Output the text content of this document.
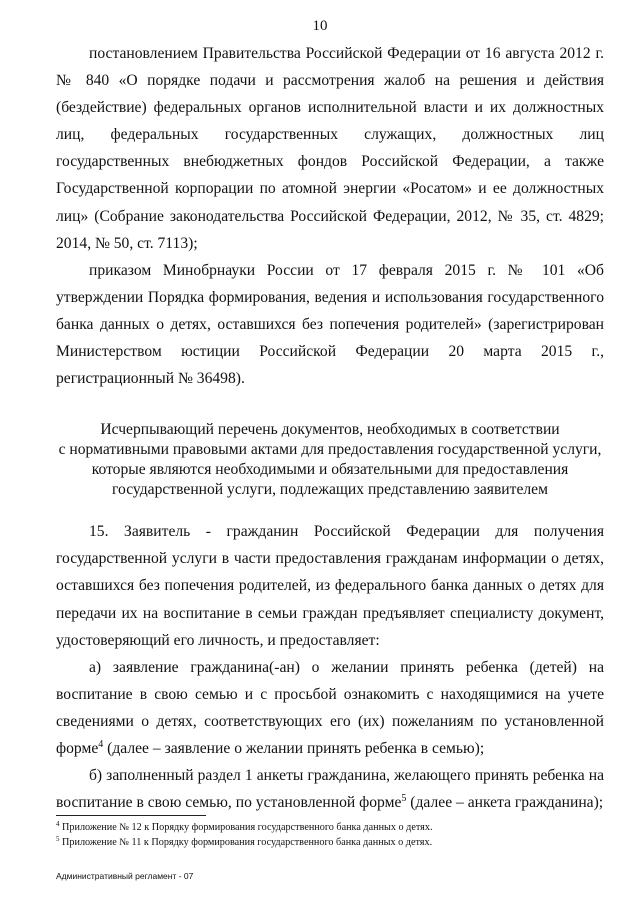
10

постановлением Правительства Российской Федерации от 16 августа 2012 г. № 840 «О порядке подачи и рассмотрения жалоб на решения и действия (бездействие) федеральных органов исполнительной власти и их должностных лиц, федеральных государственных служащих, должностных лиц государственных внебюджетных фондов Российской Федерации, а также Государственной корпорации по атомной энергии «Росатом» и ее должностных лиц» (Собрание законодательства Российской Федерации, 2012, № 35, ст. 4829; 2014, № 50, ст. 7113);

приказом Минобрнауки России от 17 февраля 2015 г. № 101 «Об утверждении Порядка формирования, ведения и использования государственного банка данных о детях, оставшихся без попечения родителей» (зарегистрирован Министерством юстиции Российской Федерации 20 марта 2015 г., регистрационный № 36498).

Исчерпывающий перечень документов, необходимых в соответствии
с нормативными правовыми актами для предоставления государственной услуги,
которые являются необходимыми и обязательными для предоставления
государственной услуги, подлежащих представлению заявителем

15. Заявитель - гражданин Российской Федерации для получения государственной услуги в части предоставления гражданам информации о детях, оставшихся без попечения родителей, из федерального банка данных о детях для передачи их на воспитание в семьи граждан предъявляет специалисту документ, удостоверяющий его личность, и предоставляет:

а) заявление гражданина(-ан) о желании принять ребенка (детей) на воспитание в свою семью и с просьбой ознакомить с находящимися на учете сведениями о детях, соответствующих его (их) пожеланиям по установленной форме$^4$ (далее – заявление о желании принять ребенка в семью);

б) заполненный раздел 1 анкеты гражданина, желающего принять ребенка на воспитание в свою семью, по установленной форме$^5$ (далее – анкета гражданина);

$^4$ Приложение № 12 к Порядку формирования государственного банка данных о детях.

$^5$ Приложение № 11 к Порядку формирования государственного банка данных о детях.

Административный регламент - 07
